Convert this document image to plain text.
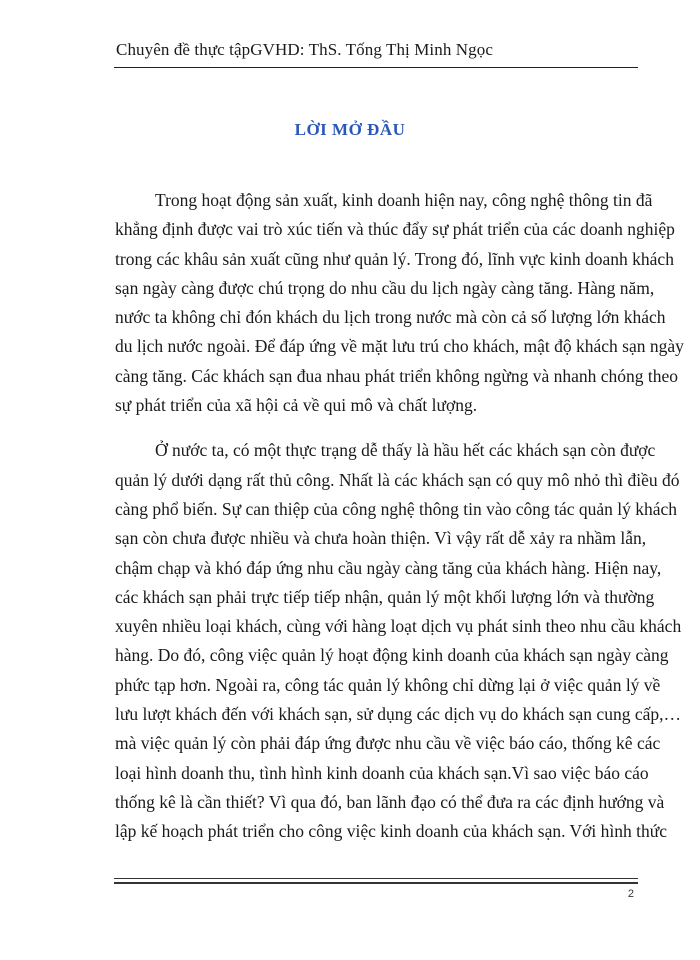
Chuyên đề thực tậpGVHD: ThS. Tống Thị Minh Ngọc
LỜI MỞ ĐẦU
Trong hoạt động sản xuất, kinh doanh hiện nay, công nghệ thông tin đã
khẳng định được vai trò xúc tiến và thúc đẩy sự phát triển của các doanh nghiệp
trong các khâu sản xuất cũng như quản lý. Trong đó, lĩnh vực kinh doanh khách
sạn ngày càng được chú trọng do nhu cầu du lịch ngày càng tăng. Hàng năm,
nước ta không chỉ đón khách du lịch trong nước mà còn cả số lượng lớn khách
du lịch nước ngoài. Để đáp ứng về mặt lưu trú cho khách, mật độ khách sạn ngày
càng tăng. Các khách sạn đua nhau phát triển không ngừng và nhanh chóng theo
sự phát triển của xã hội cả về qui mô và chất lượng.
Ở nước ta, có một thực trạng dễ thấy là hầu hết các khách sạn còn được
quản lý dưới dạng rất thủ công. Nhất là các khách sạn có quy mô nhỏ thì điều đó
càng phổ biến. Sự can thiệp của công nghệ thông tin vào công tác quản lý khách
sạn còn chưa được nhiều và chưa hoàn thiện. Vì vậy rất dễ xảy ra nhầm lẫn,
chậm chạp và khó đáp ứng nhu cầu ngày càng tăng của khách hàng. Hiện nay,
các khách sạn phải trực tiếp tiếp nhận, quản lý một khối lượng lớn và thường
xuyên nhiều loại khách, cùng với hàng loạt dịch vụ phát sinh theo nhu cầu khách
hàng. Do đó, công việc quản lý hoạt động kinh doanh của khách sạn ngày càng
phức tạp hơn. Ngoài ra, công tác quản lý không chỉ dừng lại ở việc quản lý về
lưu lượt khách đến với khách sạn, sử dụng các dịch vụ do khách sạn cung cấp,…
mà việc quản lý còn phải đáp ứng được nhu cầu về việc báo cáo, thống kê các
loại hình doanh thu, tình hình kinh doanh của khách sạn.Vì sao việc báo cáo
thống kê là cần thiết? Vì qua đó, ban lãnh đạo có thể đưa ra các định hướng và
lập kế hoạch phát triển cho công việc kinh doanh của khách sạn. Với hình thức
2
